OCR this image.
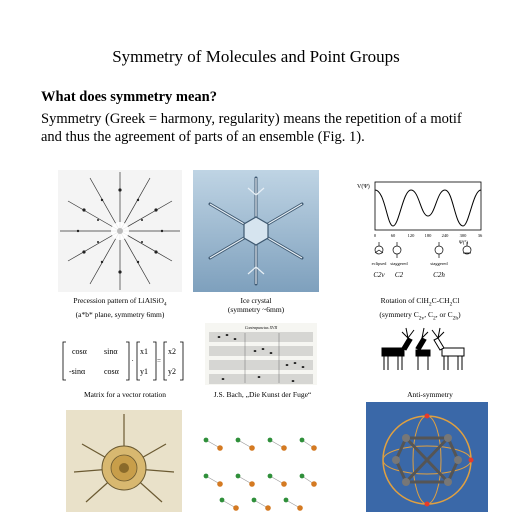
Symmetry of Molecules and Point Groups
What does symmetry mean?
Symmetry (Greek = harmony, regularity) means the repetition of a motif and thus the agreement of parts of an ensemble (Fig. 1).
Precession pattern of LiAlSiO$_4$
(a*b* plane, symmetry 6mm)
Ice crystal
(symmetry ~6mm)
V(Ψ)
0	60	120 180 240	300	36
Ψ(°)
eclipsed staggered	staggered
C2v C2	C2h
Rotation of $ClH_2C-CH_2Cl$
(symmetry $C_{2v}$, $C_2$, or $C_{2h}$)
cosα sinα
-sinα cosα
x1
y1
x2
y2
·	=
Matrix for a vector rotation
Contrapunctus XVII
J.S. Bach, „Die Kunst der Fuge“	Anti-symmetry
